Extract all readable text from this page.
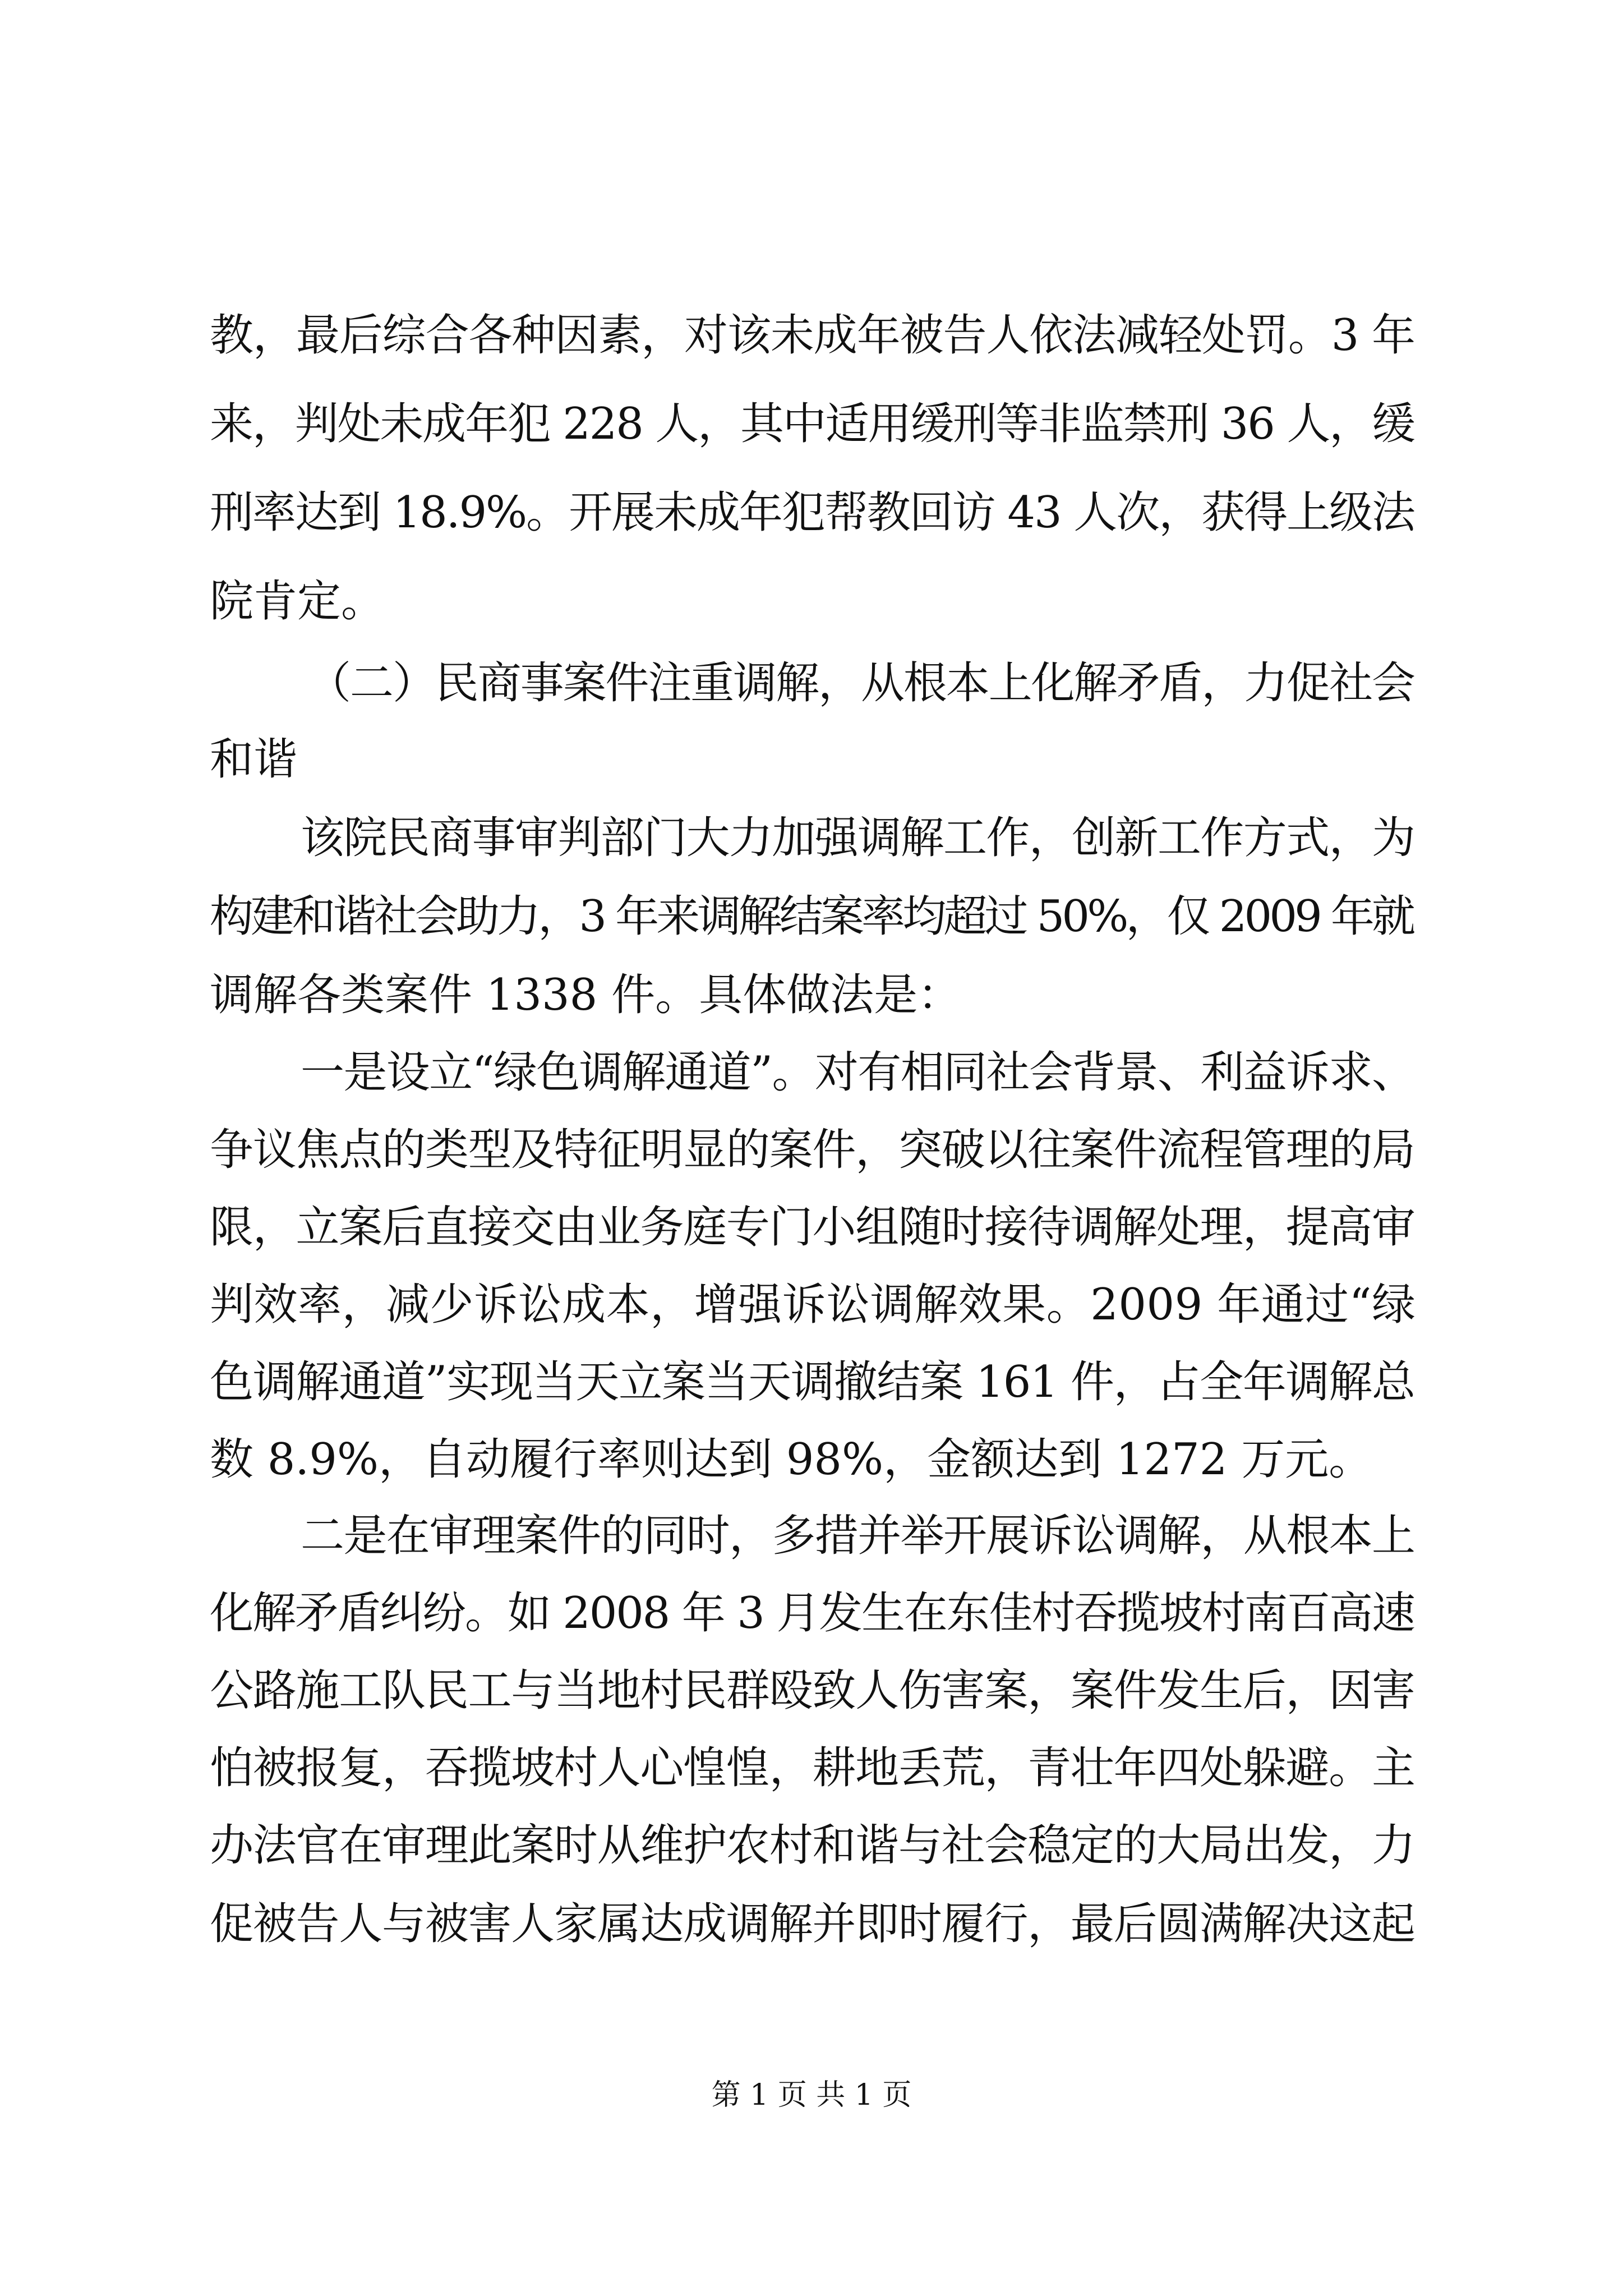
教，最后综合各种因素，对该未成年被告人依法减轻处罚。3 年
来，判处未成年犯 228 人，其中适用缓刑等非监禁刑 36 人，缓
刑率达到 18.9%。开展未成年犯帮教回访 43 人次，获得上级法
院肯定。
（二）民商事案件注重调解，从根本上化解矛盾，力促社会
和谐
该院民商事审判部门大力加强调解工作，创新工作方式，为
构建和谐社会助力，3 年来调解结案率均超过 50%，仅 2009 年就
调解各类案件 1338 件。具体做法是：
一是设立“绿色调解通道”。对有相同社会背景、利益诉求、
争议焦点的类型及特征明显的案件，突破以往案件流程管理的局
限，立案后直接交由业务庭专门小组随时接待调解处理，提高审
判效率，减少诉讼成本，增强诉讼调解效果。2009 年通过“绿
色调解通道”实现当天立案当天调撤结案 161 件，占全年调解总
数 8.9%，自动履行率则达到 98%，金额达到 1272 万元。
二是在审理案件的同时，多措并举开展诉讼调解，从根本上
化解矛盾纠纷。如 2008 年 3 月发生在东佳村吞揽坡村南百高速
公路施工队民工与当地村民群殴致人伤害案，案件发生后，因害
怕被报复，吞揽坡村人心惶惶，耕地丢荒，青壮年四处躲避。主
办法官在审理此案时从维护农村和谐与社会稳定的大局出发，力
促被告人与被害人家属达成调解并即时履行，最后圆满解决这起
第 1 页 共 1 页
